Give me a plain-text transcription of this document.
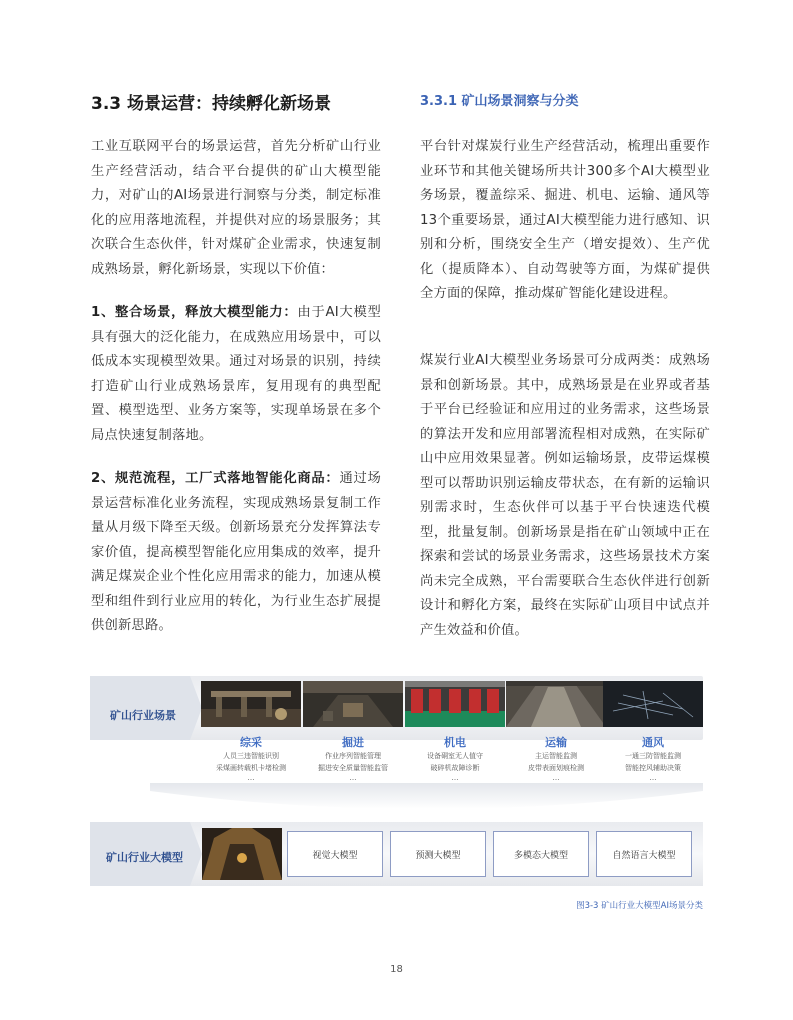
3.3 场景运营：持续孵化新场景	3.3.1 矿山场景洞察与分类

工业互联网平台的场景运营，首先分析矿山行业生产经营活动，结合平台提供的矿山大模型能力，对矿山的AI场景进行洞察与分类，制定标准化的应用落地流程，并提供对应的场景服务；其次联合生态伙伴，针对煤矿企业需求，快速复制成熟场景，孵化新场景，实现以下价值：

1、整合场景，释放大模型能力：由于AI大模型具有强大的泛化能力，在成熟应用场景中，可以低成本实现模型效果。通过对场景的识别，持续打造矿山行业成熟场景库，复用现有的典型配置、模型选型、业务方案等，实现单场景在多个局点快速复制落地。

2、规范流程，工厂式落地智能化商品：通过场景运营标准化业务流程，实现成熟场景复制工作量从月级下降至天级。创新场景充分发挥算法专家价值，提高模型智能化应用集成的效率，提升满足煤炭企业个性化应用需求的能力，加速从模型和组件到行业应用的转化，为行业生态扩展提供创新思路。

平台针对煤炭行业生产经营活动，梳理出重要作业环节和其他关键场所共计300多个AI大模型业务场景，覆盖综采、掘进、机电、运输、通风等13个重要场景，通过AI大模型能力进行感知、识别和分析，围绕安全生产（增安提效）、生产优化（提质降本）、自动驾驶等方面，为煤矿提供全方面的保障，推动煤矿智能化建设进程。

煤炭行业AI大模型业务场景可分成两类：成熟场景和创新场景。其中，成熟场景是在业界或者基于平台已经验证和应用过的业务需求，这些场景的算法开发和应用部署流程相对成熟，在实际矿山中应用效果显著。例如运输场景，皮带运煤模型可以帮助识别运输皮带状态，在有新的运输识别需求时，生态伙伴可以基于平台快速迭代模型，批量复制。创新场景是指在矿山领域中正在探索和尝试的场景业务需求，这些场景技术方案尚未完全成熟，平台需要联合生态伙伴进行创新设计和孵化方案，最终在实际矿山项目中试点并产生效益和价值。

矿山行业场景
综采
人员三违智能识别
采煤画转载机卡堵检测
…
掘进
作业序列智能管理
掘进安全质量智能监管
…
机电
设备硐室无人值守
破碎机故障诊断
…
运输
主运智能监测
皮带表面划痕检测
…
通风
一通三防智能监测
智能控风辅助决策
…
矿山行业大模型	视觉大模型	预测大模型	多模态大模型	自然语言大模型
图3-3 矿山行业大模型AI场景分类
18
